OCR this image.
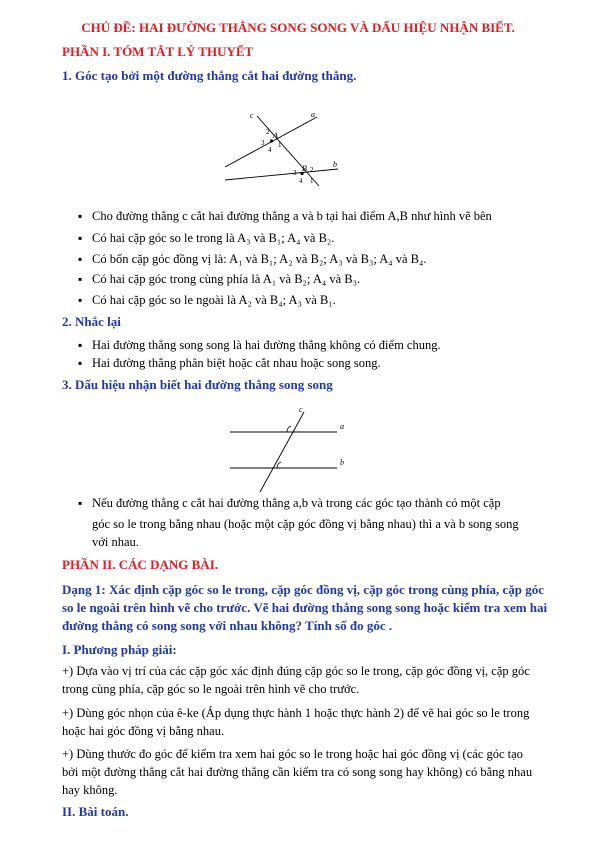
CHỦ ĐỀ: HAI ĐƯỜNG THẲNG SONG SONG VÀ DẤU HIỆU NHẬN BIẾT.
PHẦN I. TÓM TẮT LÝ THUYẾT
1. Góc tạo bởi một đường thẳng cắt hai đường thẳng.
c	a
b
A
B
2
3 1
4
2
3
4 1
▪ Cho đường thẳng c cắt hai đường thẳng a và b tại hai điểm A,B như hình vẽ bên
▪ Có hai cặp góc so le trong là A₃ và B₁; A₄ và B₂.
▪ Có bốn cặp góc đồng vị là: A₁ và B₁; A₂ và B₂; A₃ và B₃; A₄ và B₄.
▪ Có hai cặp góc trong cùng phía là A₁ và B₂; A₄ và B₃.
▪ Có hai cặp góc so le ngoài là A₂ và B₄; A₃ và B₁.
2. Nhắc lại
▪ Hai đường thẳng song song là hai đường thẳng không có điểm chung.
▪ Hai đường thẳng phân biệt hoặc cắt nhau hoặc song song.
3. Dấu hiệu nhận biết hai đường thẳng song song
c
a
b
▪ Nếu đường thẳng c cắt hai đường thẳng a,b và trong các góc tạo thành có một cặp
góc so le trong bằng nhau (hoặc một cặp góc đồng vị bằng nhau) thì a và b song song
với nhau.
PHẦN II. CÁC DẠNG BÀI.
Dạng 1: Xác định cặp góc so le trong, cặp góc đồng vị, cặp góc trong cùng phía, cặp góc
so le ngoài trên hình vẽ cho trước. Vẽ hai đường thẳng song song hoặc kiểm tra xem hai
đường thẳng có song song với nhau không? Tính số đo góc .
I. Phương pháp giải:
+) Dựa vào vị trí của các cặp góc xác định đúng cặp góc so le trong, cặp góc đồng vị, cặp góc
trong cùng phía, cặp góc so le ngoài trên hình vẽ cho trước.
+) Dùng góc nhọn của ê-ke (Áp dụng thực hành 1 hoặc thực hành 2) để vẽ hai góc so le trong
hoặc hai góc đồng vị bằng nhau.
+) Dùng thước đo góc để kiểm tra xem hai góc so le trong hoặc hai góc đồng vị (các góc tạo
bởi một đường thẳng cắt hai đường thẳng cần kiểm tra có song song hay không) có bằng nhau
hay không.
II. Bài toán.
